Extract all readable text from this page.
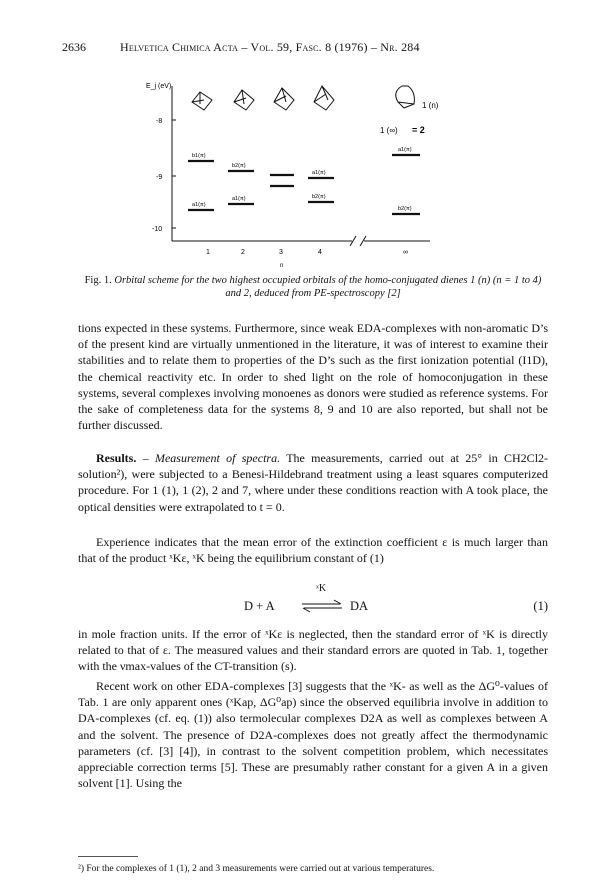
2636	Helvetica Chimica Acta – Vol. 59, Fasc. 8 (1976) – Nr. 284
E_j (eV)
-8
-9
-10
1	2	3	4	∞
n
1 (n)
1 (∞) = 2
b1(π)
a1(π)
b2(π)
a1(π)
a1(π)
b2(π)
a1(π)
b2(π)
Fig. 1. Orbital scheme for the two highest occupied orbitals of the homo-conjugated dienes 1 (n) (n = 1 to 4) and 2, deduced from PE-spectroscopy [2]

tions expected in these systems. Furthermore, since weak EDA-complexes with non-aromatic D’s of the present kind are virtually unmentioned in the literature, it was of interest to examine their stabilities and to relate them to properties of the D’s such as the first ionization potential (I1D), the chemical reactivity etc. In order to shed light on the role of homoconjugation in these systems, several complexes involving monoenes as donors were studied as reference systems. For the sake of completeness data for the systems 8, 9 and 10 are also reported, but shall not be further discussed.

Results. – Measurement of spectra. The measurements, carried out at 25° in CH2Cl2-solution²), were subjected to a Benesi-Hildebrand treatment using a least squares computerized procedure. For 1 (1), 1 (2), 2 and 7, where under these conditions reaction with A took place, the optical densities were extrapolated to t = 0.

Experience indicates that the mean error of the extinction coefficient ε is much larger than that of the product ˣKε, ˣK being the equilibrium constant of (1)

ˣK
D + A ⇌ DA	(1)

in mole fraction units. If the error of ˣKε is neglected, then the standard error of ˣK is directly related to that of ε. The measured values and their standard errors are quoted in Tab. 1, together with the νmax-values of the CT-transition (s).

Recent work on other EDA-complexes [3] suggests that the ˣK- as well as the ΔG⁰-values of Tab. 1 are only apparent ones (ˣKap, ΔG⁰ap) since the observed equilibria involve in addition to DA-complexes (cf. eq. (1)) also termolecular complexes D2A as well as complexes between A and the solvent. The presence of D2A-complexes does not greatly affect the thermodynamic parameters (cf. [3] [4]), in contrast to the solvent competition problem, which necessitates appreciable correction terms [5]. These are presumably rather constant for a given A in a given solvent [1]. Using the

²) For the complexes of 1 (1), 2 and 3 measurements were carried out at various temperatures.
